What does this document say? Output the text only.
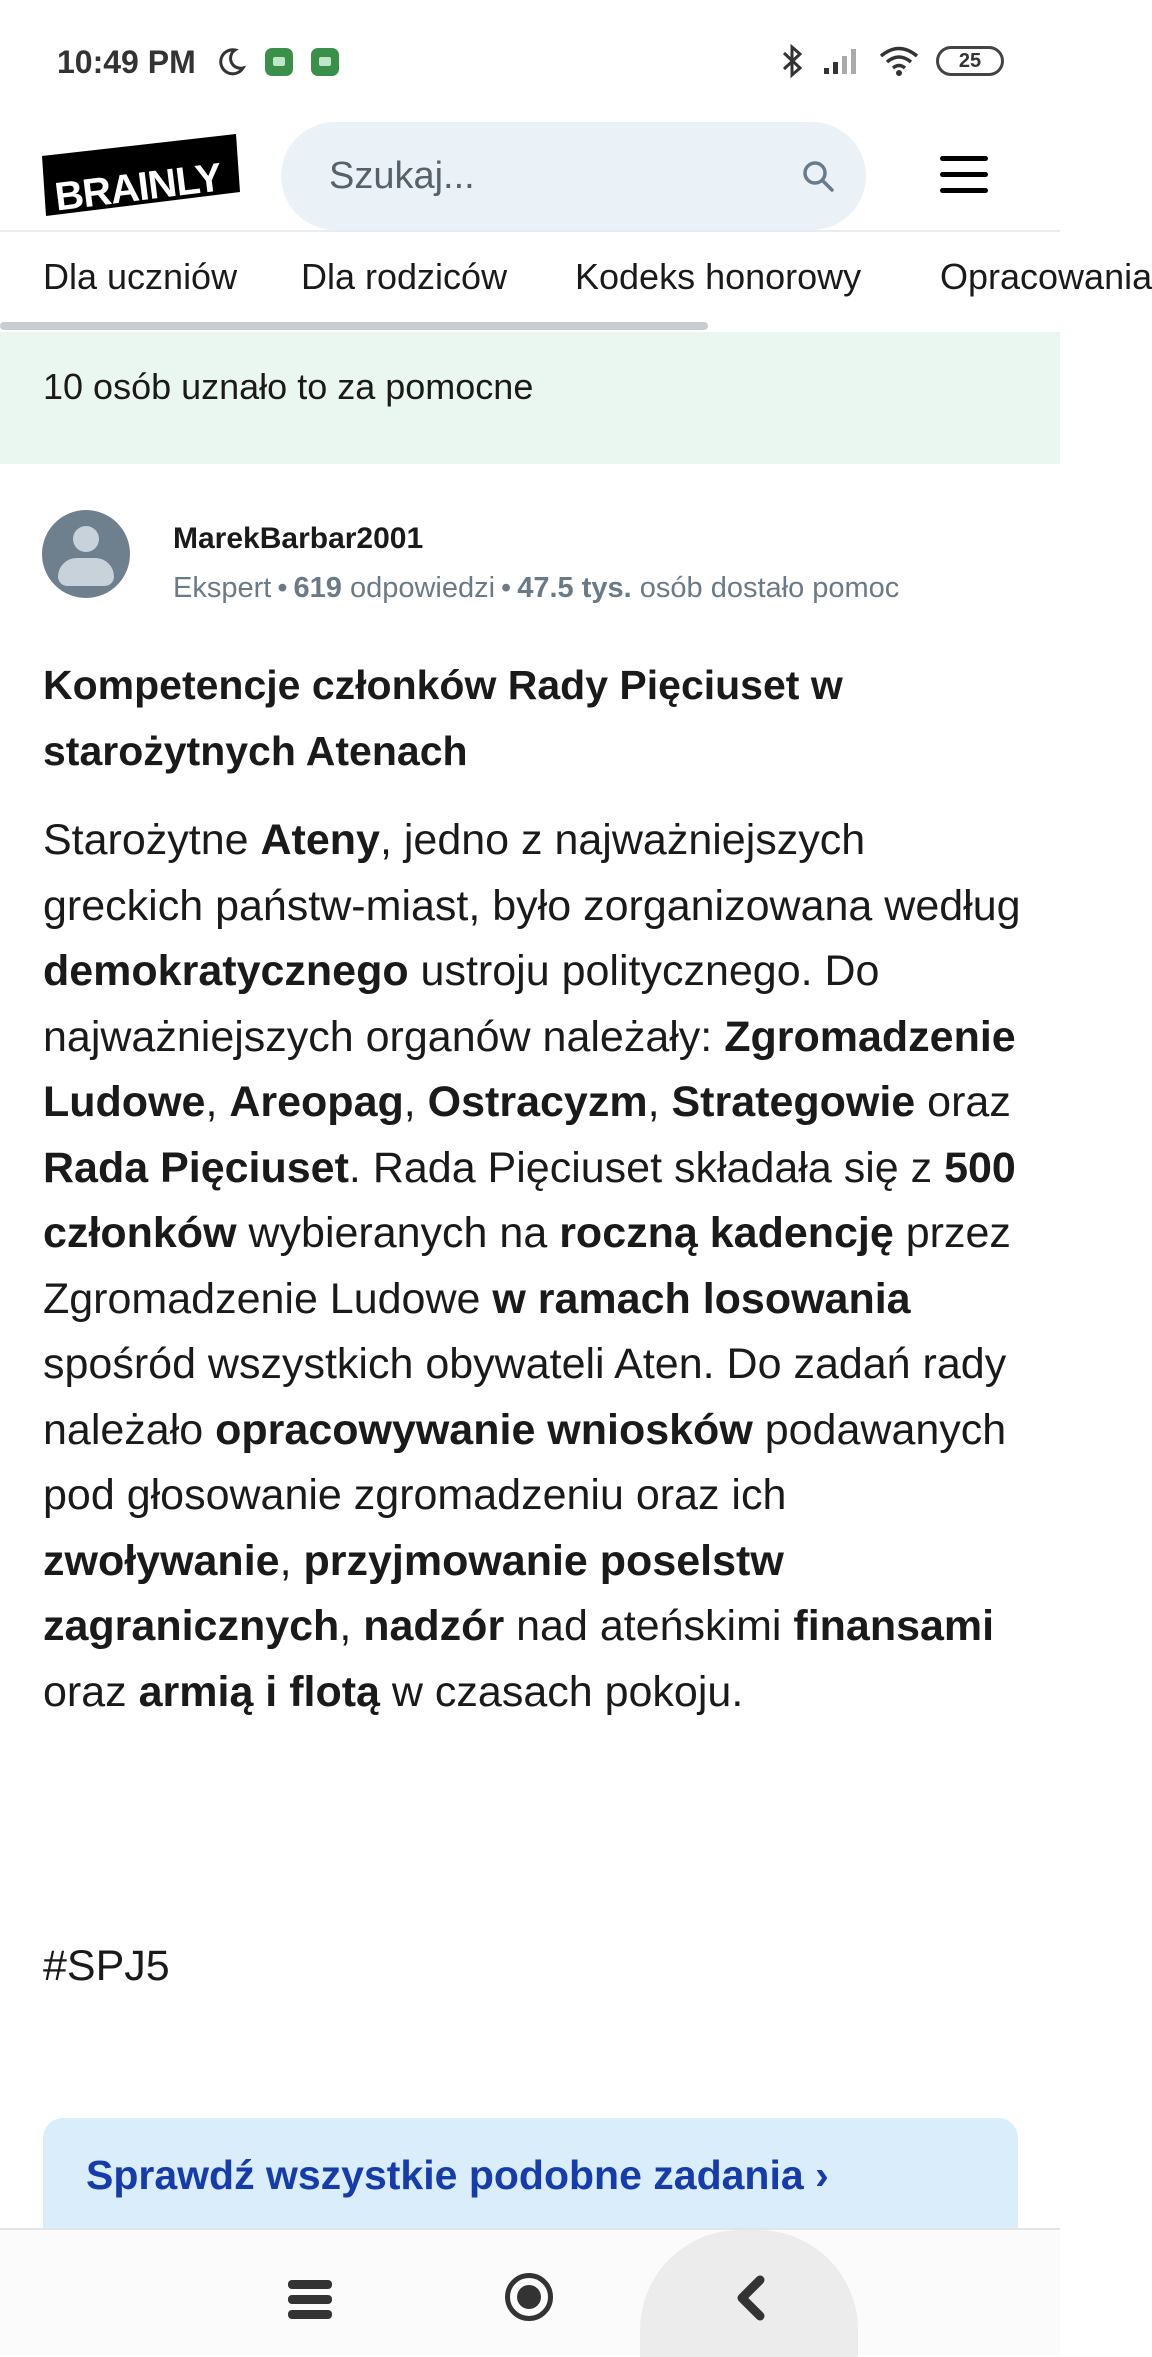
10:49 PM	25
BRAINLY
Szukaj...
Dla uczniów Dla rodziców Kodeks honorowy Opracowania
10 osób uznało to za pomocne
MarekBarbar2001
Ekspert • 619 odpowiedzi • 47.5 tys. osób dostało pomoc
Kompetencje członków Rady Pięciuset w starożytnych Atenach
Starożytne Ateny, jedno z najważniejszych greckich państw-miast, było zorganizowana według demokratycznego ustroju politycznego. Do najważniejszych organów należały: Zgromadzenie Ludowe, Areopag, Ostracyzm, Strategowie oraz Rada Pięciuset. Rada Pięciuset składała się z 500 członków wybieranych na roczną kadencję przez Zgromadzenie Ludowe w ramach losowania spośród wszystkich obywateli Aten. Do zadań rady należało opracowywanie wniosków podawanych pod głosowanie zgromadzeniu oraz ich zwoływanie, przyjmowanie poselstw zagranicznych, nadzór nad ateńskimi finansami oraz armią i flotą w czasach pokoju.
#SPJ5
Sprawdź wszystkie podobne zadania ›
